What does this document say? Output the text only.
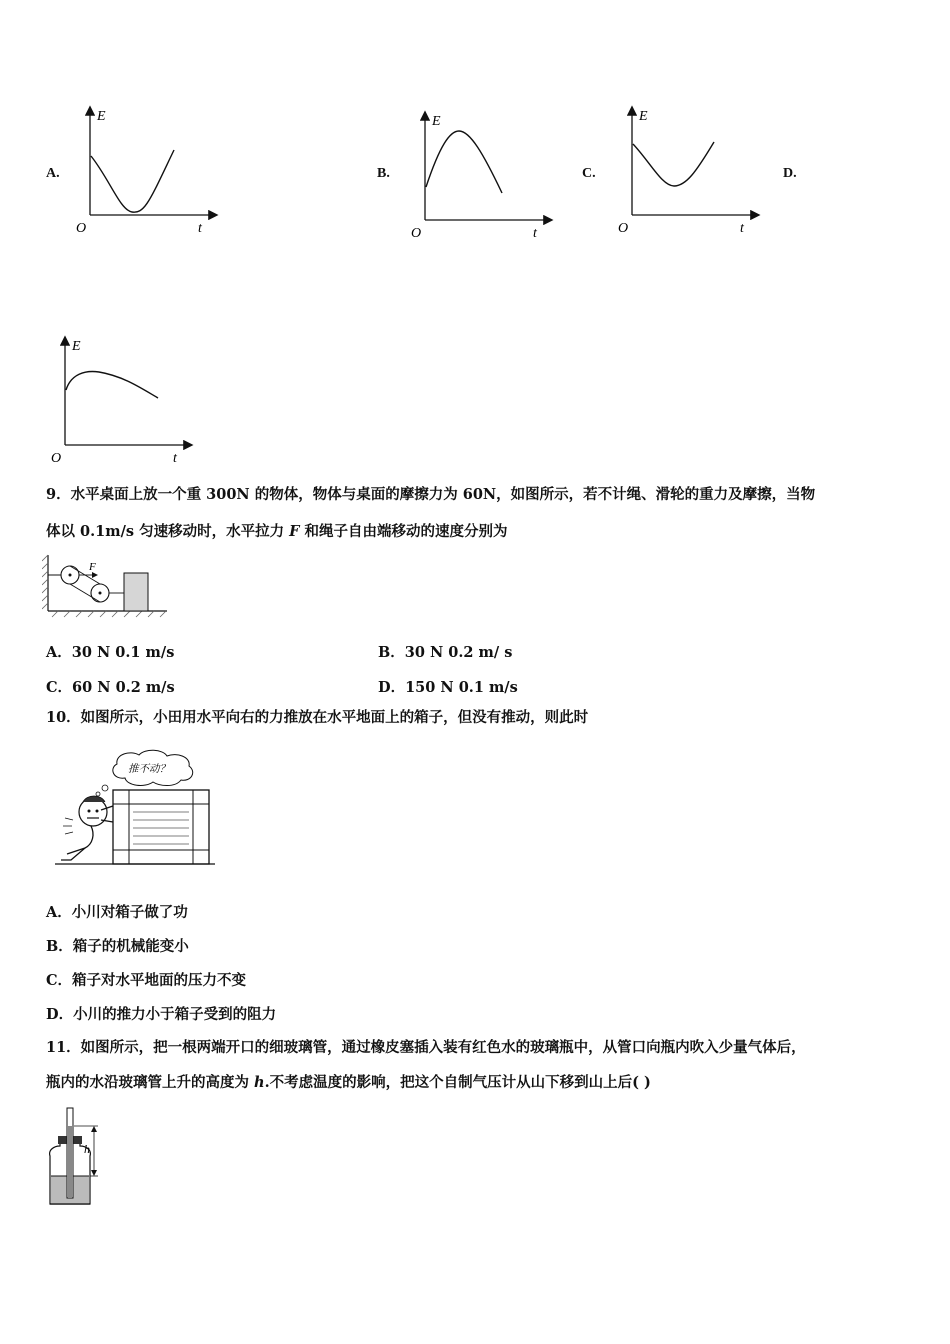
A.	B.	C.	D.
E
O	t
E
O	t
E
O	t
E
O	t
9．水平桌面上放一个重 300N 的物体，物体与桌面的摩擦力为 60N，如图所示，若不计绳、滑轮的重力及摩擦，当物
体以 0.1m/s 匀速移动时，水平拉力 F 和绳子自由端移动的速度分别为
F
A．30 N 0.1 m/s	B．30 N 0.2 m/ s
C．60 N 0.2 m/s	D．150 N 0.1 m/s
10．如图所示，小田用水平向右的力推放在水平地面上的箱子，但没有推动，则此时
推不动？
A．小川对箱子做了功
B．箱子的机械能变小
C．箱子对水平地面的压力不变
D．小川的推力小于箱子受到的阻力
11．如图所示，把一根两端开口的细玻璃管，通过橡皮塞插入装有红色水的玻璃瓶中，从管口向瓶内吹入少量气体后，
瓶内的水沿玻璃管上升的高度为 h.不考虑温度的影响，把这个自制气压计从山下移到山上后( )
h
